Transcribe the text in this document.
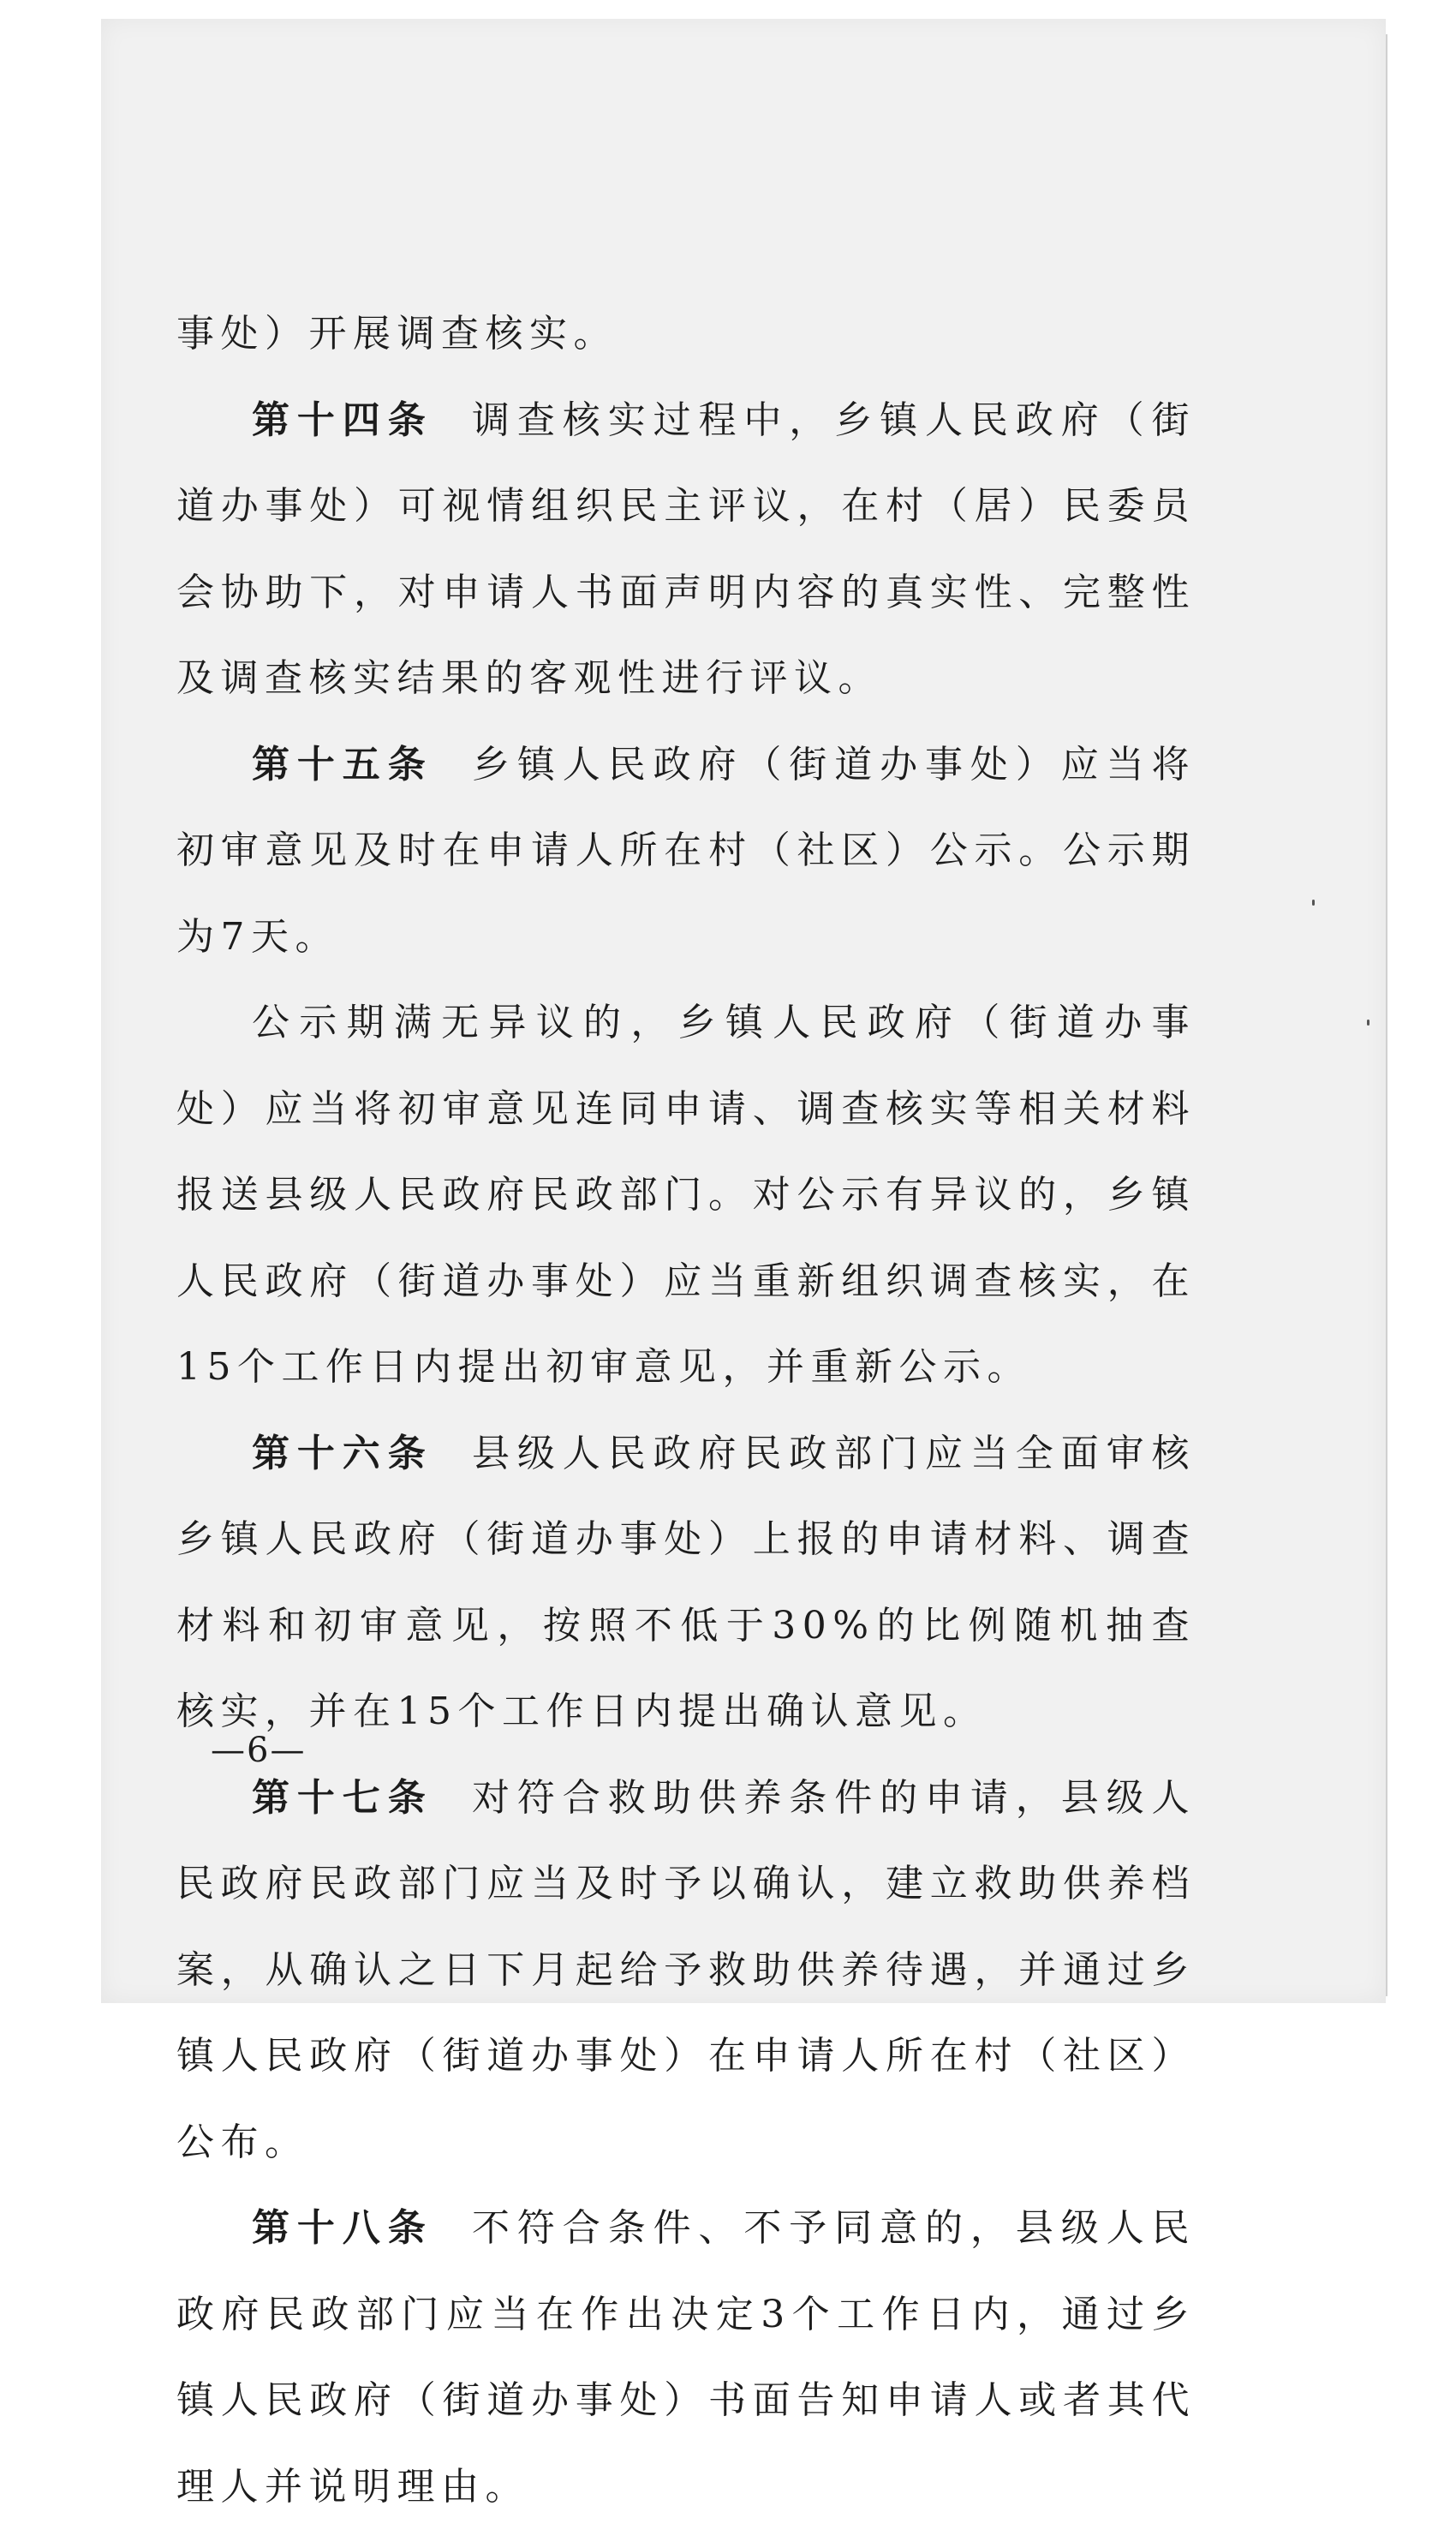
事处）开展调查核实。

第十四条 调查核实过程中，乡镇人民政府（街道办事处）可视情组织民主评议，在村（居）民委员会协助下，对申请人书面声明内容的真实性、完整性及调查核实结果的客观性进行评议。

第十五条 乡镇人民政府（街道办事处）应当将初审意见及时在申请人所在村（社区）公示。公示期为7天。

公示期满无异议的，乡镇人民政府（街道办事处）应当将初审意见连同申请、调查核实等相关材料报送县级人民政府民政部门。对公示有异议的，乡镇人民政府（街道办事处）应当重新组织调查核实，在15个工作日内提出初审意见，并重新公示。

第十六条 县级人民政府民政部门应当全面审核乡镇人民政府（街道办事处）上报的申请材料、调查材料和初审意见，按照不低于30%的比例随机抽查核实，并在15个工作日内提出确认意见。

第十七条 对符合救助供养条件的申请，县级人民政府民政部门应当及时予以确认，建立救助供养档案，从确认之日下月起给予救助供养待遇，并通过乡镇人民政府（街道办事处）在申请人所在村（社区）公布。

第十八条 不符合条件、不予同意的，县级人民政府民政部门应当在作出决定3个工作日内，通过乡镇人民政府（街道办事处）书面告知申请人或者其代理人并说明理由。

—6—
